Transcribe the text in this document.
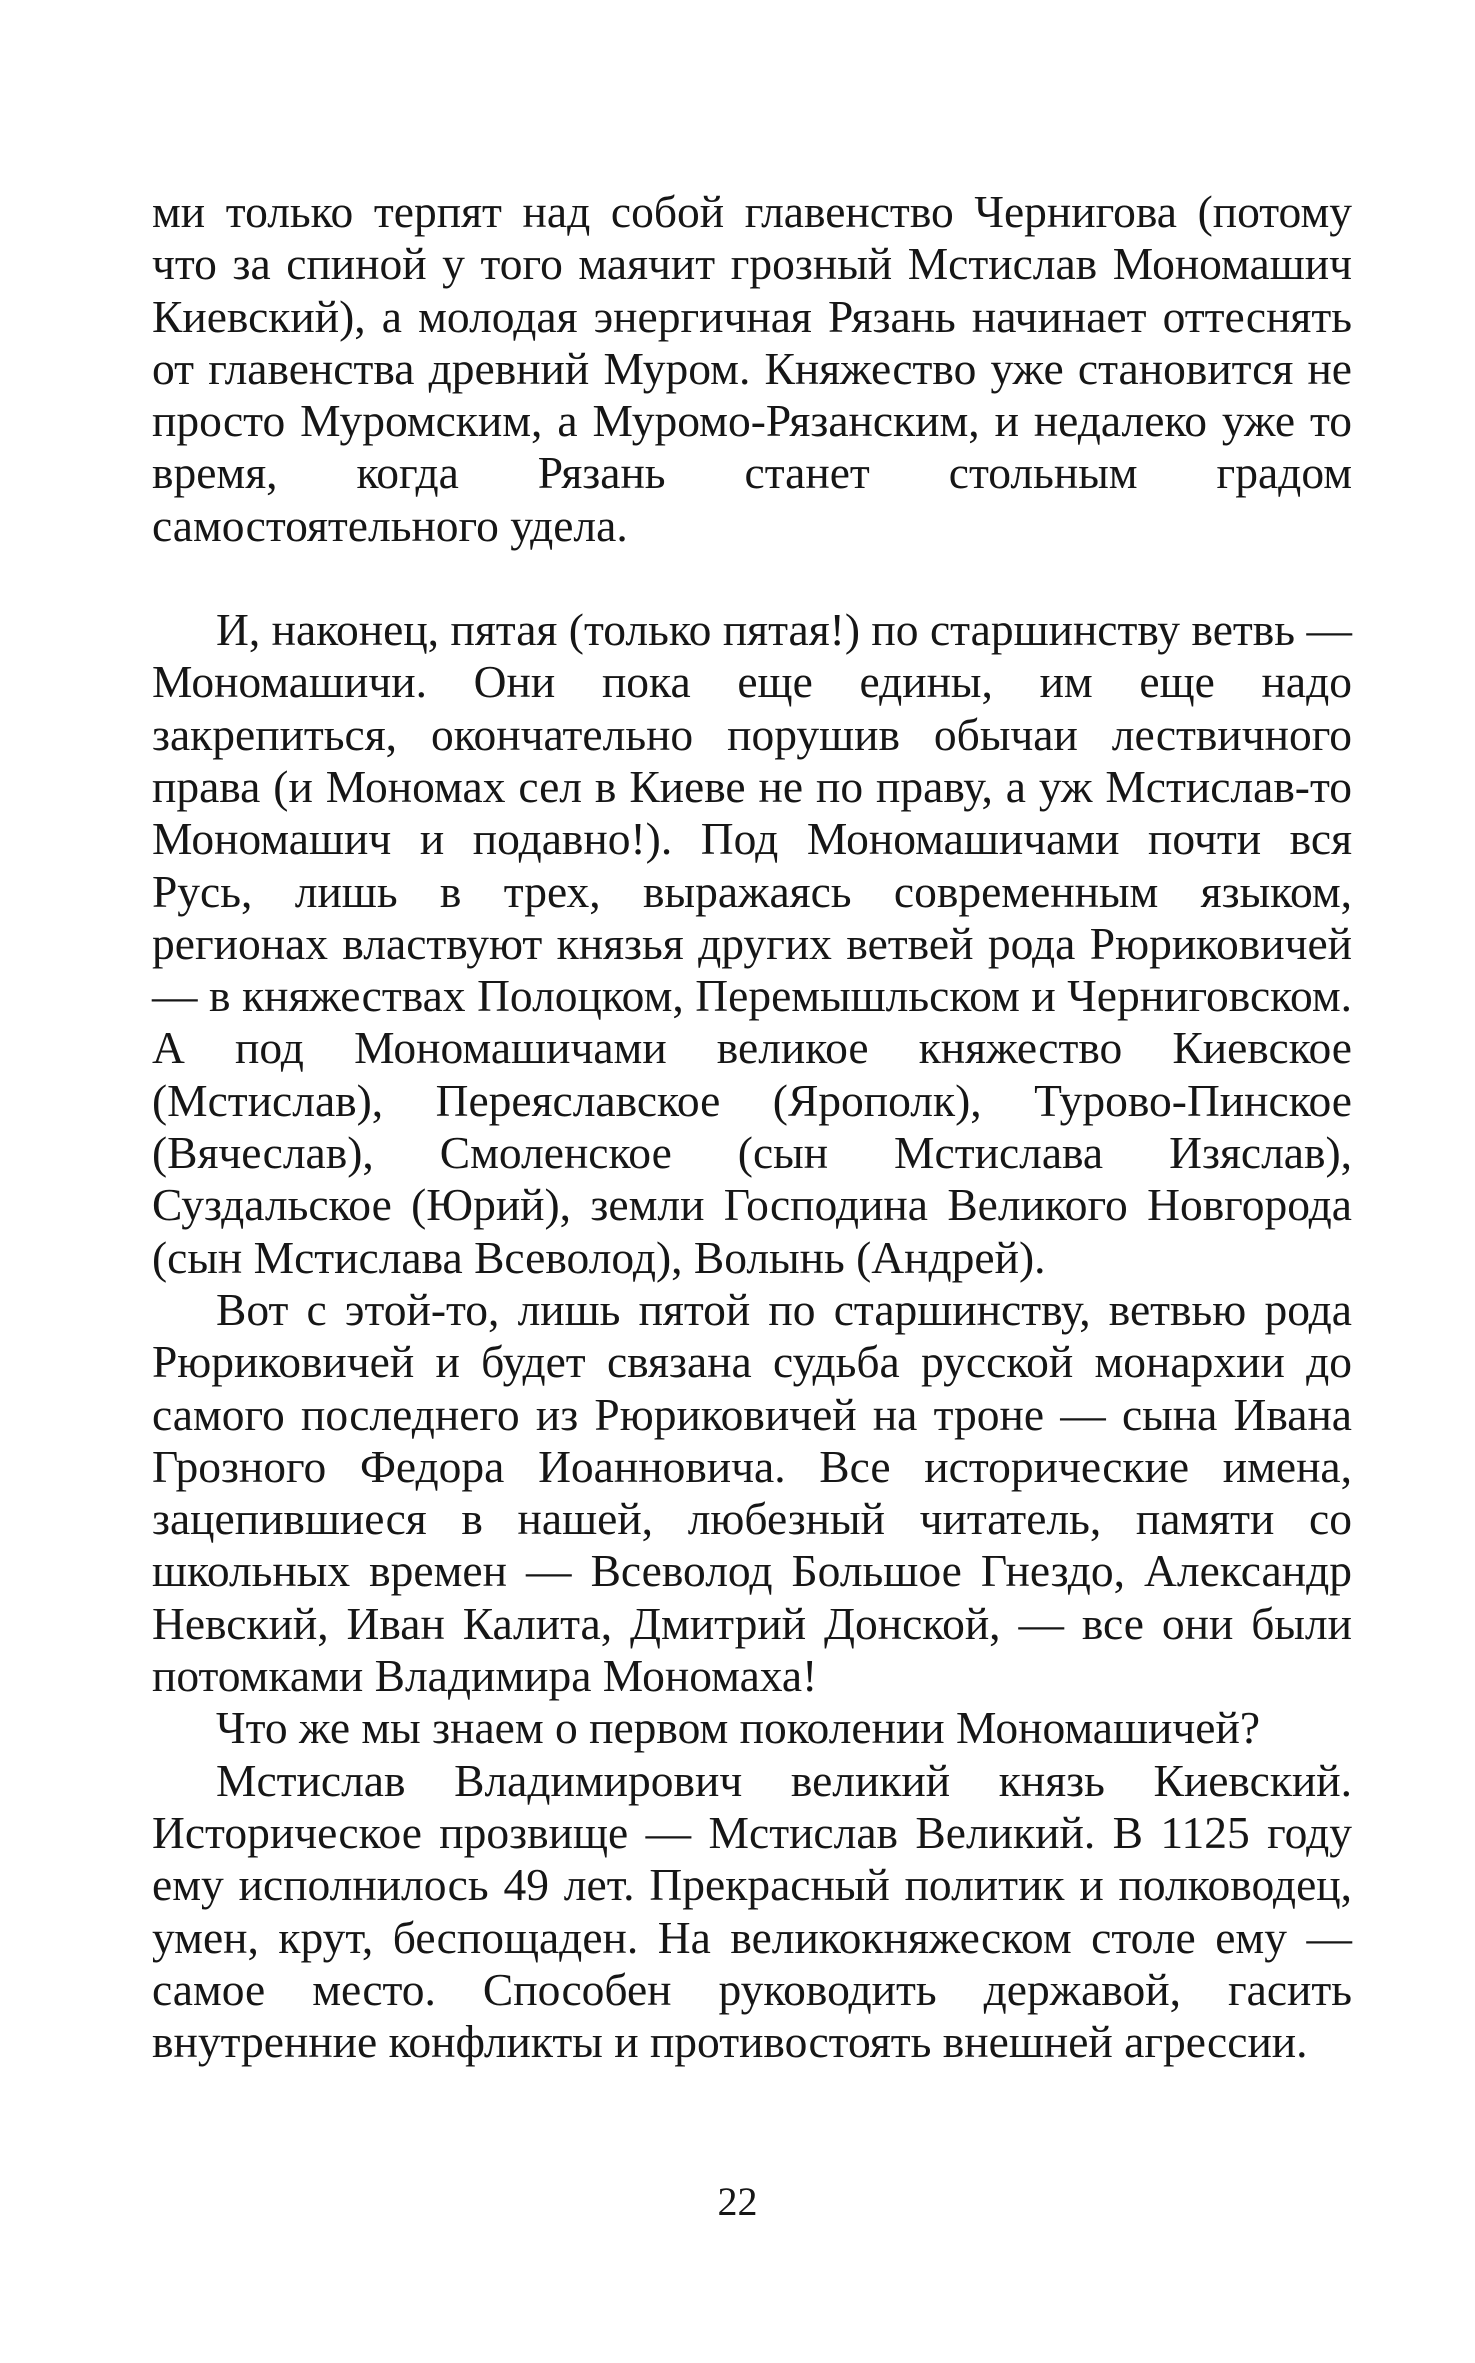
ми только терпят над собой главенство Чернигова (потому что за спиной у того маячит грозный Мстислав Мономашич Киевский), а молодая энергичная Рязань начинает оттеснять от главенства древний Муром. Княжество уже становится не просто Муромским, а Муромо-Рязанским, и недалеко уже то время, когда Рязань станет стольным градом самостоятельного удела.

И, наконец, пятая (только пятая!) по старшинству ветвь — Мономашичи. Они пока еще едины, им еще надо закрепиться, окончательно порушив обычаи лествичного права (и Мономах сел в Киеве не по праву, а уж Мстислав-то Мономашич и подавно!). Под Мономашичами почти вся Русь, лишь в трех, выражаясь современным языком, регионах властвуют князья других ветвей рода Рюриковичей — в княжествах Полоцком, Перемышльском и Черниговском. А под Мономашичами великое княжество Киевское (Мстислав), Переяславское (Ярополк), Турово-Пинское (Вячеслав), Смоленское (сын Мстислава Изяслав), Суздальское (Юрий), земли Господина Великого Новгорода (сын Мстислава Всеволод), Волынь (Андрей).

Вот с этой-то, лишь пятой по старшинству, ветвью рода Рюриковичей и будет связана судьба русской монархии до самого последнего из Рюриковичей на троне — сына Ивана Грозного Федора Иоанновича. Все исторические имена, зацепившиеся в нашей, любезный читатель, памяти со школьных времен — Всеволод Большое Гнездо, Александр Невский, Иван Калита, Дмитрий Донской, — все они были потомками Владимира Мономаха!

Что же мы знаем о первом поколении Мономашичей?

Мстислав Владимирович великий князь Киевский. Историческое прозвище — Мстислав Великий. В 1125 году ему исполнилось 49 лет. Прекрасный политик и полководец, умен, крут, беспощаден. На великокняжеском столе ему — самое место. Способен руководить державой, гасить внутренние конфликты и противостоять внешней агрессии.

22
